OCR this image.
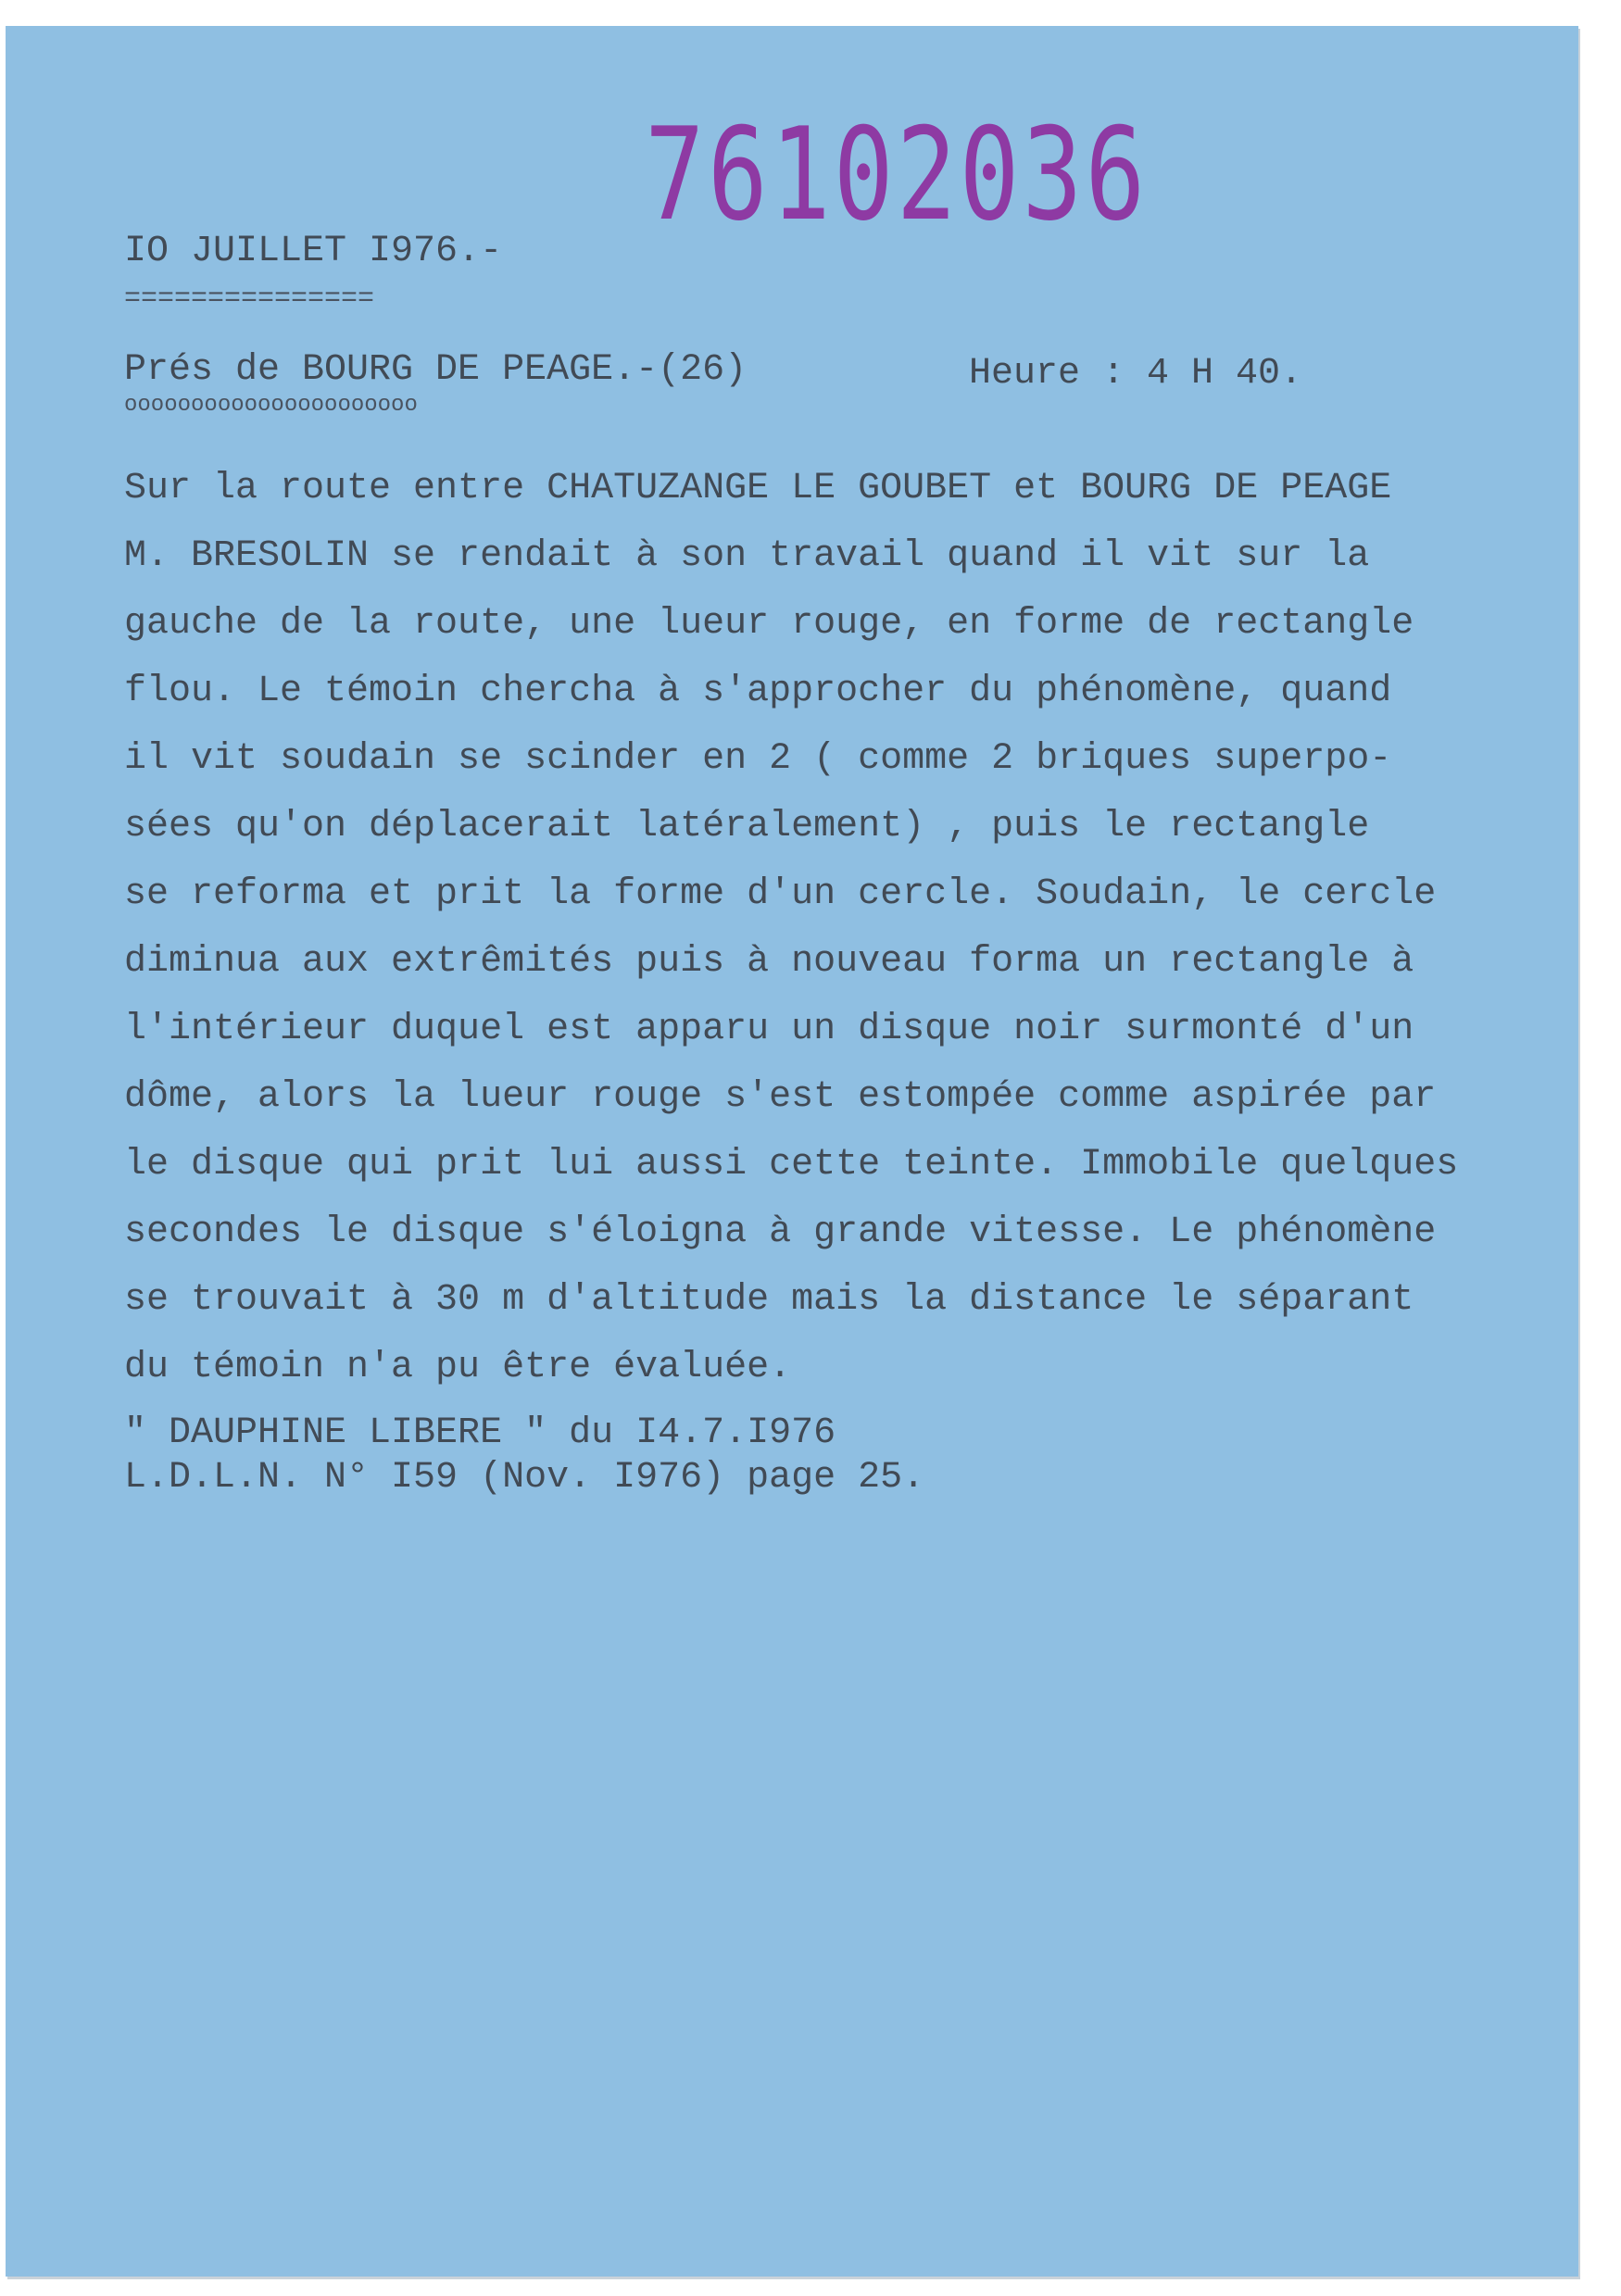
76102036
IO JUILLET I976.-
===============
Prés de BOURG DE PEAGE.-(26)
oooooooooooooooooooooo
Heure : 4 H 40.
Sur la route entre CHATUZANGE LE GOUBET et BOURG DE PEAGE
M. BRESOLIN se rendait à son travail quand il vit sur la
gauche de la route, une lueur rouge, en forme de rectangle
flou. Le témoin chercha à s'approcher du phénomène, quand
il vit soudain se scinder en 2 ( comme 2 briques superpo-
sées qu'on déplacerait latéralement) , puis le rectangle
se reforma et prit la forme d'un cercle. Soudain, le cercle
diminua aux extrêmités puis à nouveau forma un rectangle à
l'intérieur duquel est apparu un disque noir surmonté d'un
dôme, alors la lueur rouge s'est estompée comme aspirée par
le disque qui prit lui aussi cette teinte. Immobile quelques
secondes le disque s'éloigna à grande vitesse. Le phénomène
se trouvait à 30 m d'altitude mais la distance le séparant
du témoin n'a pu être évaluée.
" DAUPHINE LIBERE " du I4.7.I976
L.D.L.N. N° I59 (Nov. I976) page 25.
